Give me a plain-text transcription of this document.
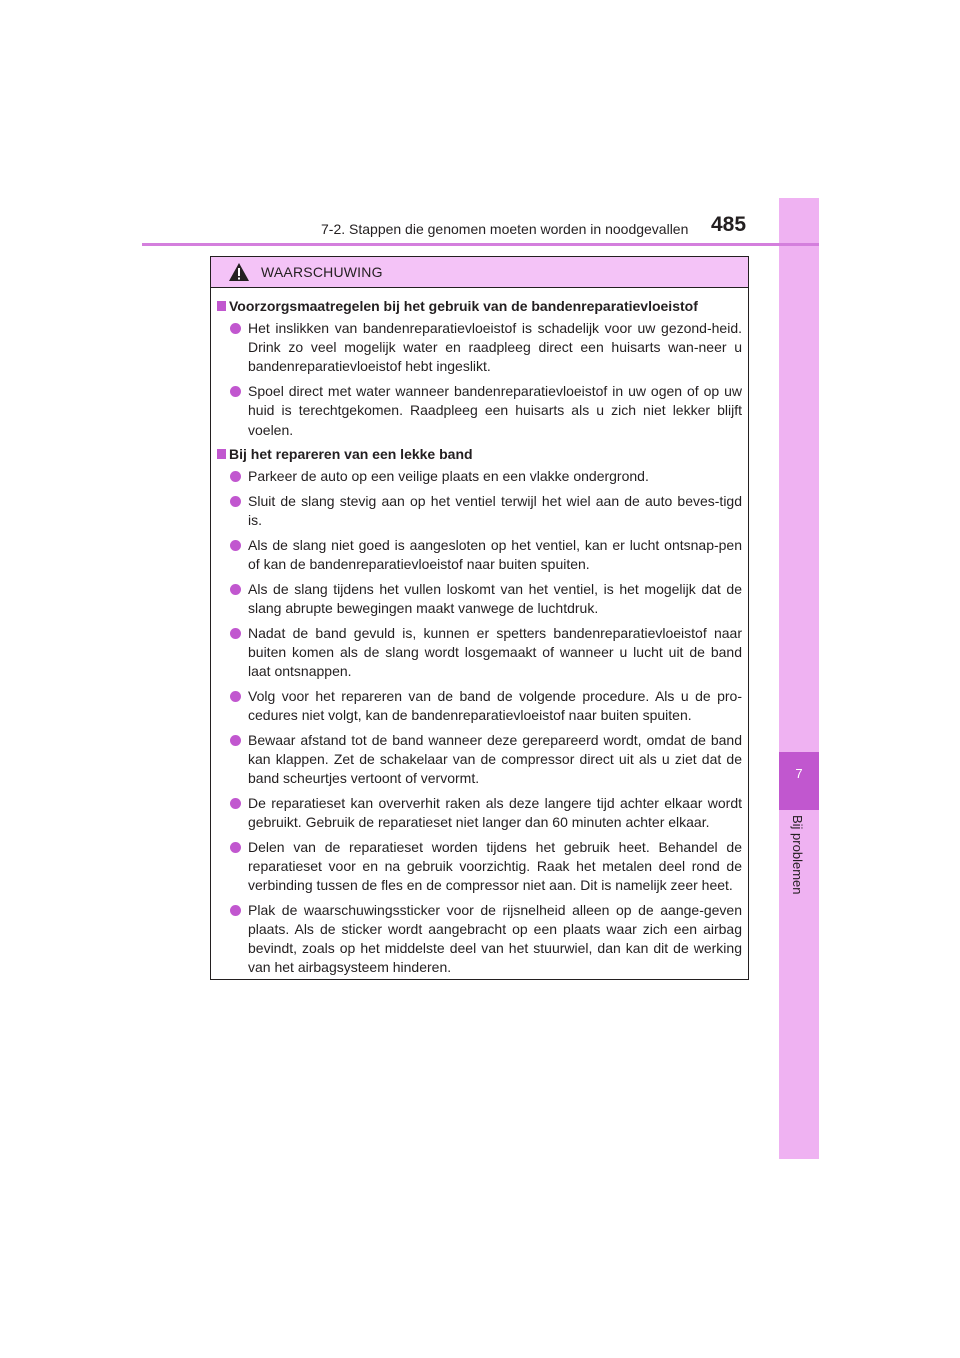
7
Bij problemen
7-2. Stappen die genomen moeten worden in noodgevallen 485
WAARSCHUWING
Voorzorgsmaatregelen bij het gebruik van de bandenreparatievloeistof
Het inslikken van bandenreparatievloeistof is schadelijk voor uw gezond-heid. Drink zo veel mogelijk water en raadpleeg direct een huisarts wan-neer u bandenreparatievloeistof hebt ingeslikt.
Spoel direct met water wanneer bandenreparatievloeistof in uw ogen of op uw huid is terechtgekomen. Raadpleeg een huisarts als u zich niet lekker blijft voelen.
Bij het repareren van een lekke band
Parkeer de auto op een veilige plaats en een vlakke ondergrond.
Sluit de slang stevig aan op het ventiel terwijl het wiel aan de auto beves-tigd is.
Als de slang niet goed is aangesloten op het ventiel, kan er lucht ontsnap-pen of kan de bandenreparatievloeistof naar buiten spuiten.
Als de slang tijdens het vullen loskomt van het ventiel, is het mogelijk dat de slang abrupte bewegingen maakt vanwege de luchtdruk.
Nadat de band gevuld is, kunnen er spetters bandenreparatievloeistof naar buiten komen als de slang wordt losgemaakt of wanneer u lucht uit de band laat ontsnappen.
Volg voor het repareren van de band de volgende procedure. Als u de pro-cedures niet volgt, kan de bandenreparatievloeistof naar buiten spuiten.
Bewaar afstand tot de band wanneer deze gerepareerd wordt, omdat de band kan klappen. Zet de schakelaar van de compressor direct uit als u ziet dat de band scheurtjes vertoont of vervormt.
De reparatieset kan oververhit raken als deze langere tijd achter elkaar wordt gebruikt. Gebruik de reparatieset niet langer dan 60 minuten achter elkaar.
Delen van de reparatieset worden tijdens het gebruik heet. Behandel de reparatieset voor en na gebruik voorzichtig. Raak het metalen deel rond de verbinding tussen de fles en de compressor niet aan. Dit is namelijk zeer heet.
Plak de waarschuwingssticker voor de rijsnelheid alleen op de aange-geven plaats. Als de sticker wordt aangebracht op een plaats waar zich een airbag bevindt, zoals op het middelste deel van het stuurwiel, dan kan dit de werking van het airbagsysteem hinderen.
